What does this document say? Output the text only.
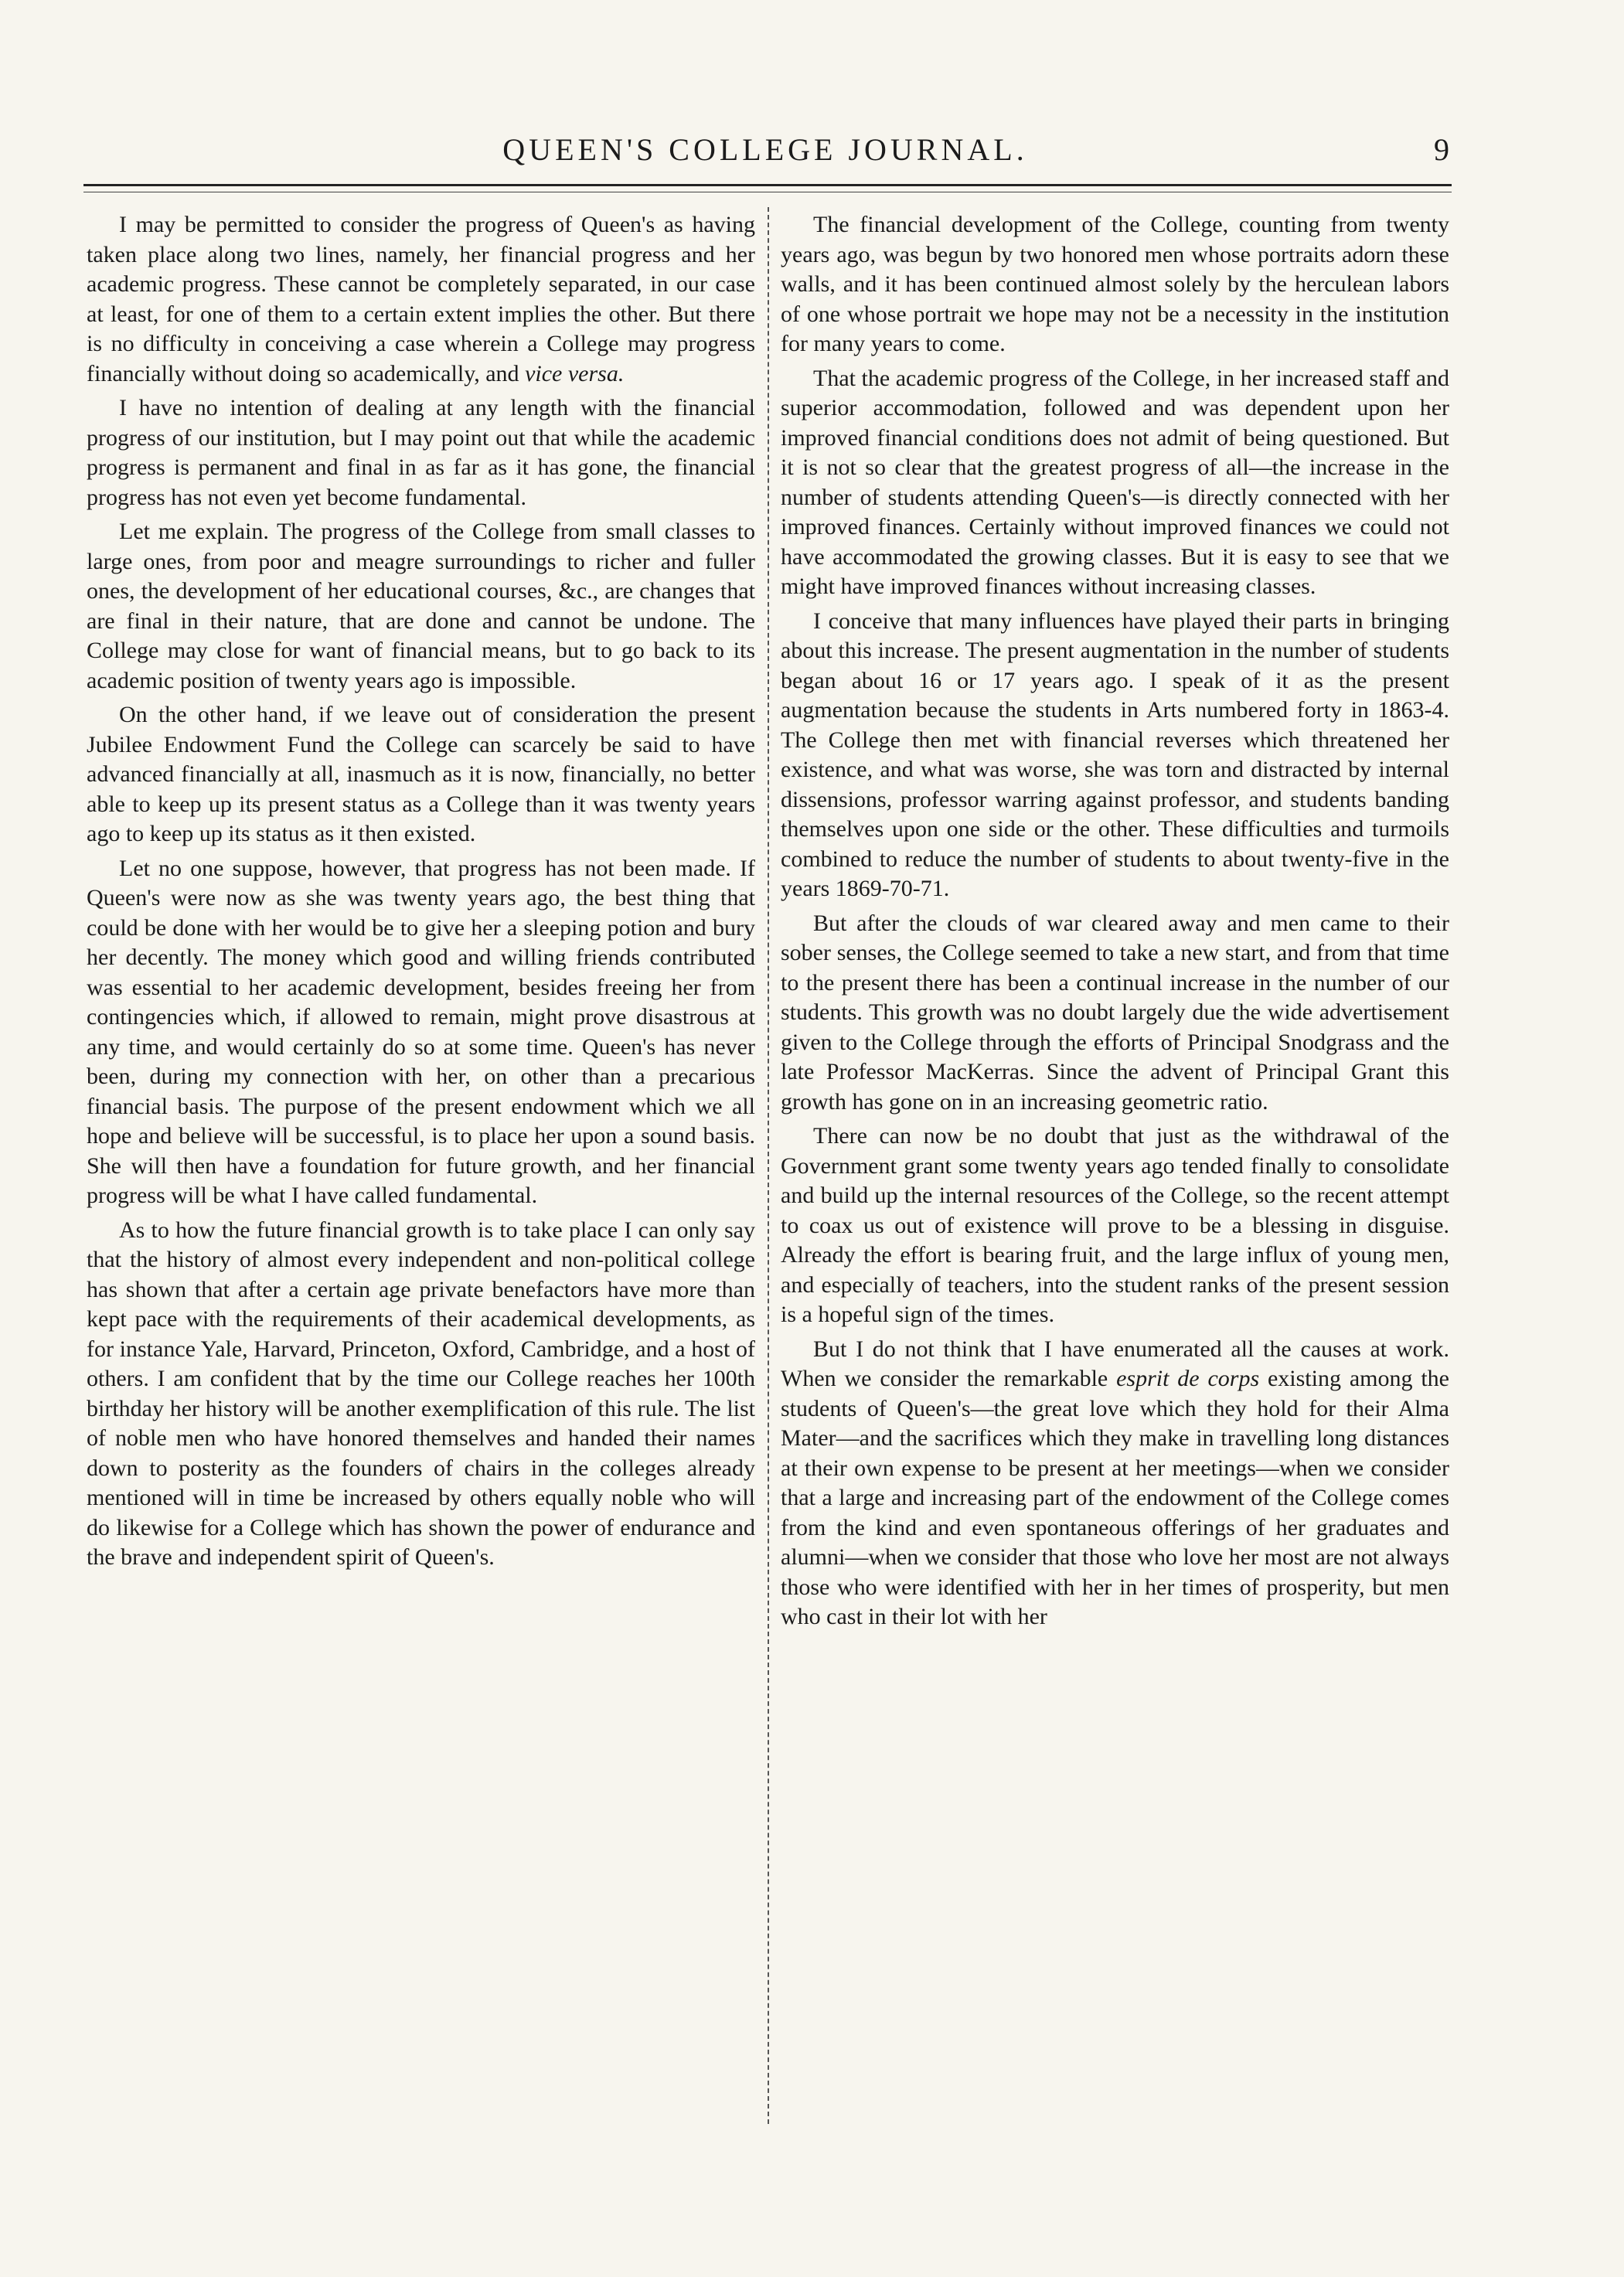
QUEEN'S COLLEGE JOURNAL.	9

I may be permitted to consider the progress of Queen's as having taken place along two lines, namely, her financial progress and her academic progress. These cannot be completely separated, in our case at least, for one of them to a certain extent implies the other. But there is no difficulty in conceiving a case wherein a College may progress financially without doing so academically, and vice versa.

I have no intention of dealing at any length with the financial progress of our institution, but I may point out that while the academic progress is permanent and final in as far as it has gone, the financial progress has not even yet become fundamental.

Let me explain. The progress of the College from small classes to large ones, from poor and meagre surroundings to richer and fuller ones, the development of her educational courses, &c., are changes that are final in their nature, that are done and cannot be undone. The College may close for want of financial means, but to go back to its academic position of twenty years ago is impossible.

On the other hand, if we leave out of consideration the present Jubilee Endowment Fund the College can scarcely be said to have advanced financially at all, inasmuch as it is now, financially, no better able to keep up its present status as a College than it was twenty years ago to keep up its status as it then existed.

Let no one suppose, however, that progress has not been made. If Queen's were now as she was twenty years ago, the best thing that could be done with her would be to give her a sleeping potion and bury her decently. The money which good and willing friends contributed was essential to her academic development, besides freeing her from contingencies which, if allowed to remain, might prove disastrous at any time, and would certainly do so at some time. Queen's has never been, during my connection with her, on other than a precarious financial basis. The purpose of the present endowment which we all hope and believe will be successful, is to place her upon a sound basis. She will then have a foundation for future growth, and her financial progress will be what I have called fundamental.

As to how the future financial growth is to take place I can only say that the history of almost every independent and non-political college has shown that after a certain age private benefactors have more than kept pace with the requirements of their academical developments, as for instance Yale, Harvard, Princeton, Oxford, Cambridge, and a host of others. I am confident that by the time our College reaches her 100th birthday her history will be another exemplification of this rule. The list of noble men who have honored themselves and handed their names down to posterity as the founders of chairs in the colleges already mentioned will in time be increased by others equally noble who will do likewise for a College which has shown the power of endurance and the brave and independent spirit of Queen's.

The financial development of the College, counting from twenty years ago, was begun by two honored men whose portraits adorn these walls, and it has been continued almost solely by the herculean labors of one whose portrait we hope may not be a necessity in the institution for many years to come.

That the academic progress of the College, in her increased staff and superior accommodation, followed and was dependent upon her improved financial conditions does not admit of being questioned. But it is not so clear that the greatest progress of all—the increase in the number of students attending Queen's—is directly connected with her improved finances. Certainly without improved finances we could not have accommodated the growing classes. But it is easy to see that we might have improved finances without increasing classes.

I conceive that many influences have played their parts in bringing about this increase. The present augmentation in the number of students began about 16 or 17 years ago. I speak of it as the present augmentation because the students in Arts numbered forty in 1863-4. The College then met with financial reverses which threatened her existence, and what was worse, she was torn and distracted by internal dissensions, professor warring against professor, and students banding themselves upon one side or the other. These difficulties and turmoils combined to reduce the number of students to about twenty-five in the years 1869-70-71.

But after the clouds of war cleared away and men came to their sober senses, the College seemed to take a new start, and from that time to the present there has been a continual increase in the number of our students. This growth was no doubt largely due the wide advertisement given to the College through the efforts of Principal Snodgrass and the late Professor MacKerras. Since the advent of Principal Grant this growth has gone on in an increasing geometric ratio.

There can now be no doubt that just as the withdrawal of the Government grant some twenty years ago tended finally to consolidate and build up the internal resources of the College, so the recent attempt to coax us out of existence will prove to be a blessing in disguise. Already the effort is bearing fruit, and the large influx of young men, and especially of teachers, into the student ranks of the present session is a hopeful sign of the times.

But I do not think that I have enumerated all the causes at work. When we consider the remarkable esprit de corps existing among the students of Queen's—the great love which they hold for their Alma Mater—and the sacrifices which they make in travelling long distances at their own expense to be present at her meetings—when we consider that a large and increasing part of the endowment of the College comes from the kind and even spontaneous offerings of her graduates and alumni—when we consider that those who love her most are not always those who were identified with her in her times of prosperity, but men who cast in their lot with her
